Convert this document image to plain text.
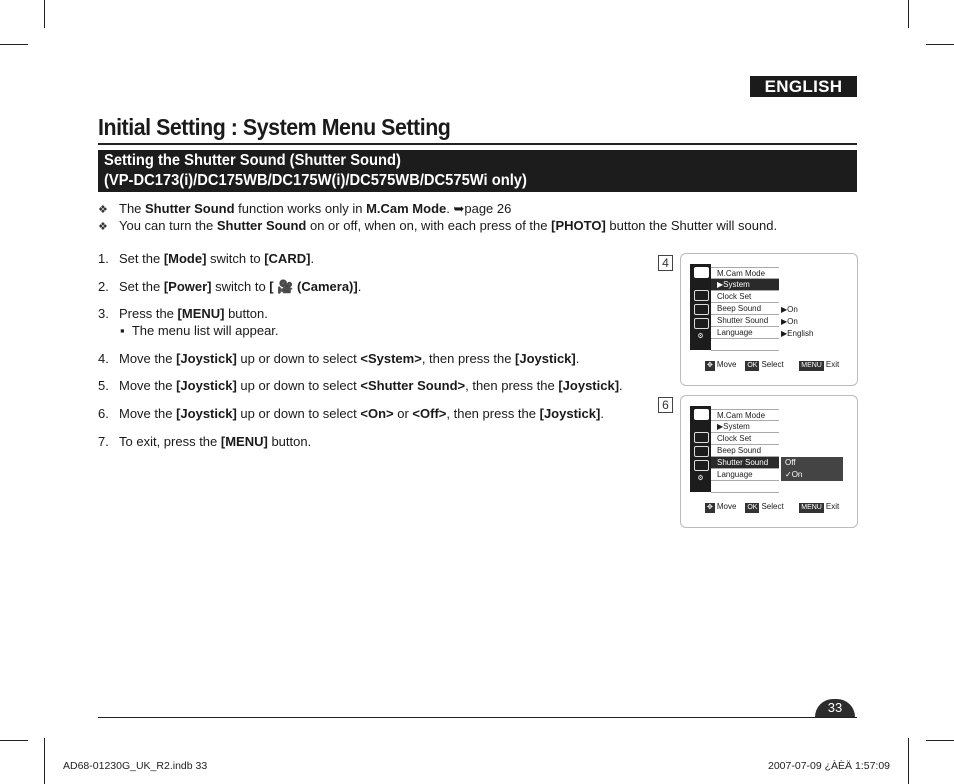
ENGLISH
Initial Setting : System Menu Setting
Setting the Shutter Sound (Shutter Sound)
(VP-DC173(i)/DC175WB/DC175W(i)/DC575WB/DC575Wi only)
❖ The Shutter Sound function works only in M.Cam Mode. ➥page 26
❖ You can turn the Shutter Sound on or off, when on, with each press of the [PHOTO] button the Shutter will sound.
1. Set the [Mode] switch to [CARD].
2. Set the [Power] switch to [ 🎥 (Camera)].
3. Press the [MENU] button.
▪  The menu list will appear.
4. Move the [Joystick] up or down to select <System>, then press the [Joystick].
5. Move the [Joystick] up or down to select <Shutter Sound>, then press the [Joystick].
6. Move the [Joystick] up or down to select <On> or <Off>, then press the [Joystick].
7. To exit, press the [MENU] button.
4
⚙
M.Cam Mode
▶System
Clock Set
Beep Sound
Shutter Sound
Language
▶On
▶On
▶English
✥ Move OK Select	MENU Exit
6
⚙
M.Cam Mode
▶System
Clock Set
Beep Sound
Shutter Sound
Language
Off
✓On
✥ Move OK Select	MENU Exit
33
AD68-01230G_UK_R2.indb 33	2007-07-09 ¿ÀÈÄ 1:57:09
